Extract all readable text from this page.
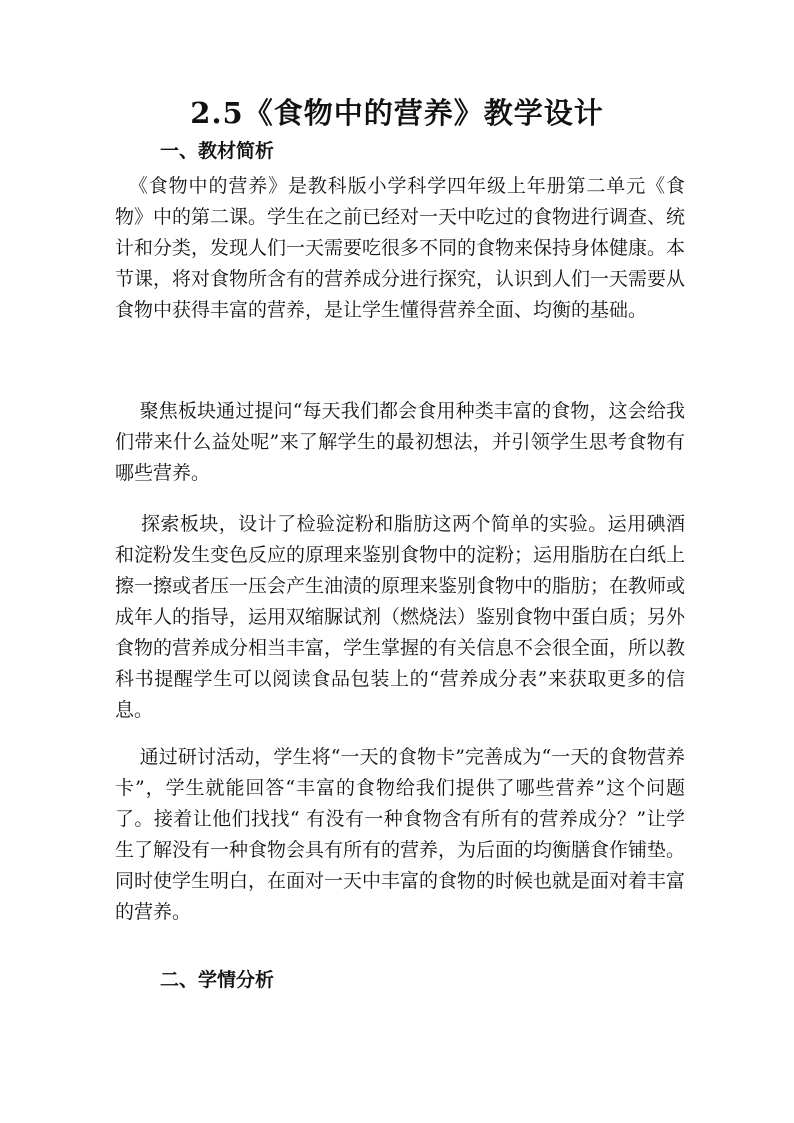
2.5《食物中的营养》教学设计
一、教材简析
《食物中的营养》是教科版小学科学四年级上年册第二单元《食物》中的第二课。学生在之前已经对一天中吃过的食物进行调查、统计和分类，发现人们一天需要吃很多不同的食物来保持身体健康。本节课，将对食物所含有的营养成分进行探究，认识到人们一天需要从食物中获得丰富的营养，是让学生懂得营养全面、均衡的基础。
聚焦板块通过提问“每天我们都会食用种类丰富的食物，这会给我们带来什么益处呢”来了解学生的最初想法，并引领学生思考食物有哪些营养。
探索板块，设计了检验淀粉和脂肪这两个简单的实验。运用碘酒和淀粉发生变色反应的原理来鉴别食物中的淀粉；运用脂肪在白纸上擦一擦或者压一压会产生油渍的原理来鉴别食物中的脂肪；在教师或成年人的指导，运用双缩脲试剂（燃烧法）鉴别食物中蛋白质；另外食物的营养成分相当丰富，学生掌握的有关信息不会很全面，所以教科书提醒学生可以阅读食品包装上的“营养成分表”来获取更多的信息。
通过研讨活动，学生将“一天的食物卡”完善成为“一天的食物营养卡”，学生就能回答“丰富的食物给我们提供了哪些营养”这个问题了。接着让他们找找“ 有没有一种食物含有所有的营养成分？”让学生了解没有一种食物会具有所有的营养，为后面的均衡膳食作铺垫。同时使学生明白，在面对一天中丰富的食物的时候也就是面对着丰富的营养。
二、学情分析
